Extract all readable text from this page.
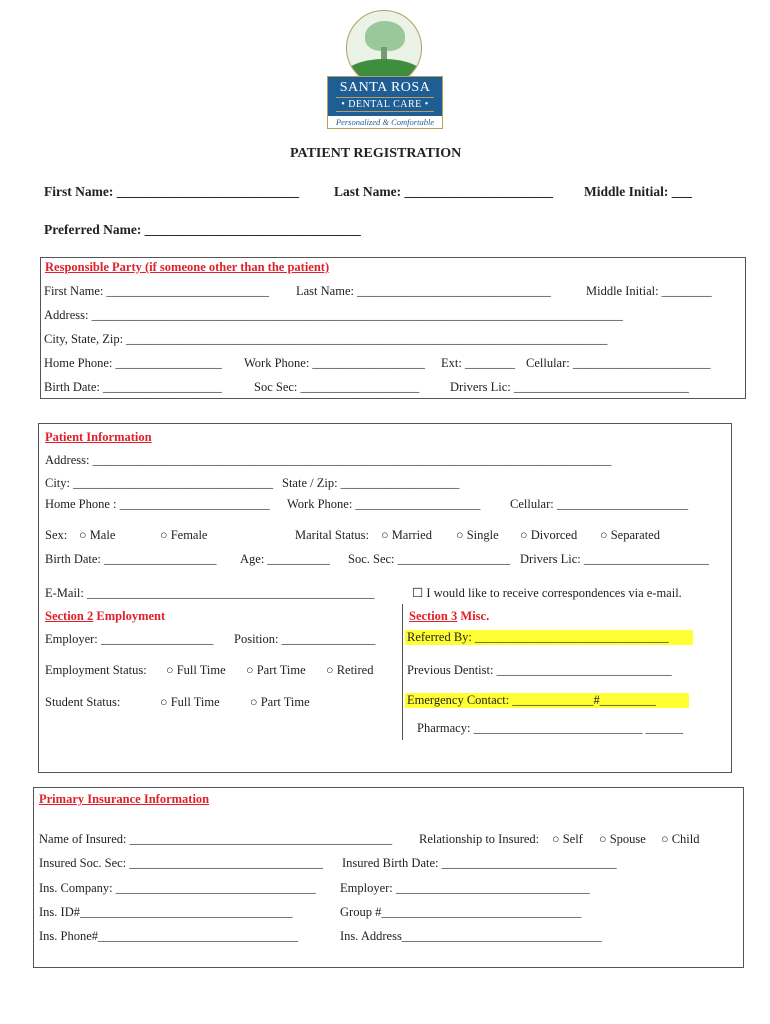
SANTA ROSA
• DENTAL CARE •
Personalized & Comfortable
PATIENT REGISTRATION
First Name: ___________________________	Last Name: ______________________ Middle Initial: ___
Preferred Name: ________________________________
Responsible Party (if someone other than the patient)
First Name: __________________________ Last Name: _______________________________	Middle Initial: ________
Address: _____________________________________________________________________________________
City, State, Zip: _____________________________________________________________________________
Home Phone: _________________ Work Phone: __________________ Ext: ________ Cellular: ______________________
Birth Date: ___________________	Soc Sec: ___________________ Drivers Lic: ____________________________
Patient Information
Address: ___________________________________________________________________________________
City: ________________________________ State / Zip: ___________________
Home Phone : ________________________ Work Phone: ____________________ Cellular: _____________________
Sex: ○ Male	○ Female	Marital Status: ○ Married ○ Single ○ Divorced ○ Separated
Birth Date: __________________ Age: __________ Soc. Sec: __________________ Drivers Lic: ____________________
E-Mail: ______________________________________________	☐ I would like to receive correspondences via e-mail.
Section 2 Employment
Employer: __________________ Position: _______________
Employment Status: ○ Full Time ○ Part Time ○ Retired
Student Status:	○ Full Time ○ Part Time
Section 3 Misc.
Referred By: _______________________________
Previous Dentist: ____________________________
Emergency Contact: _____________#_________
Pharmacy: ___________________________ ______
Primary Insurance Information
Name of Insured: __________________________________________ Relationship to Insured: ○ Self ○ Spouse ○ Child
Insured Soc. Sec: _______________________________ Insured Birth Date: ____________________________
Ins. Company: ________________________________ Employer: _______________________________
Ins. ID#__________________________________	Group #________________________________
Ins. Phone#________________________________	Ins. Address________________________________
